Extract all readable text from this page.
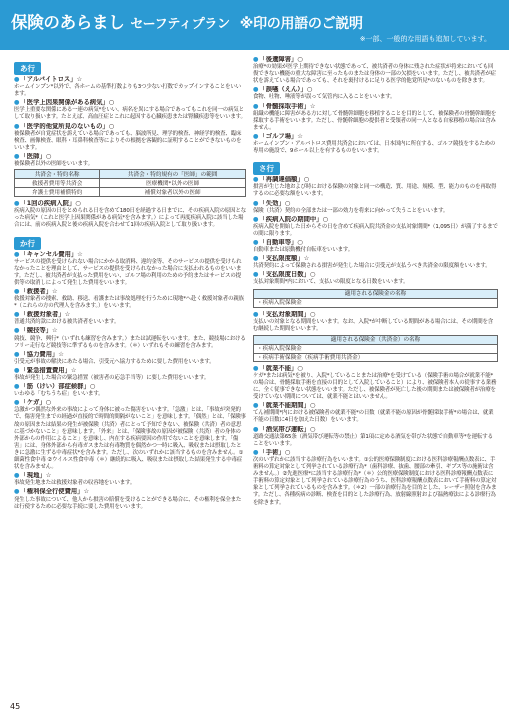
保険のあらまし セーフティプラン ※印の用語のご説明
※一部、一般的な用語も追加しています。
あ行
●「アルバイトロス」☆
ホームインプン*以外で、各ホームの基準打数よりも3つ少ない打数でカップインすることをいいます。
●「医学上因果関係がある病気」○
医学上重要な関係にある一連の病気*をいい、病名を異にする場合であってもこれを同一の病気として取り扱います。たとえば、高血圧症とこれに起因する心臓疾患または腎臓疾患等をいいます。
●「医学的他覚所見のないもの」○
被保険者が自覚症状を訴えている場合であっても、脳波所見、理学的検査、神経学的検査、臨床検査、画像検査、眼科・耳鼻科検査等によりその根拠を客観的に証明することができないものをいいます。
●「医師」○
被保険者以外の医師をいいます。
共済会・特約名称	共済会・特約規有の「医師」の範囲
救援者費用等共済会	医療機関*以外の医師
弁護士費用補償特約	補償対象者以外の医師
●「1回の疾病入院」○
疾病入院の原因の日をとめられる日を含めて180日を経過する日までに、その疾病入院の原因となった病気*（これと医学上因果関係がある病気*を含みます。）によって再度疾病入院に該当した場合には、前の疾病入院と後の疾病入院を合わせて1回の疾病入院として取り扱います。
か行
●「キャンセル費用」☆
サービスの提供を受けられない場合にかかる取消料、違約金等、そのサービスの提供を受けられなかったことを理由として、サービスの提供を受けられなかった場合に支払われるものをいいます。ただし、被共済者が支払った費用をいい、ゴルフ場の利用のための予約またはサービスの提供等の取消しによって発生した費用をいいます。
●「救援者」☆
救援対象者の捜索、救助、移送、看護または事故処理を行うために現地*へ赴く救援対象者の親族*（これらの方の代理人を含みます。）をいいます。
●「救援対象者」☆
普通共済約款における被共済者をいいます。
●「競技等」☆
競技、競争、興行*（いずれも練習を含みます。）または試運転をいいます。また、競技場におけるフリー走行など競技等に準ずるものを含みます。（＊）いずれもその練習を含みます。
●「協力費用」☆
引受元が事故の解決にあたる場合、引受元へ協力するために要した費用をいいます。
●「緊急措置費用」☆
事故が発生した場合の緊急措置（被害者の応急手当等）に要した費用をいいます。
●「筋（けい）部症候群」○
いわゆる「むちうち症」をいいます。
●「ケガ」○
急激かつ偶然な外来の事故によって身体に被った傷害をいいます。「急激」とは、「事故が突発的で、傷害発生までの経過が直接的で時間的間隔がないこと」を意味します。「偶然」とは、「保険事故の原因または結果の発生が被保険（共済）者にとって予知できない、被保険（共済）者の意思に基づかないこと」を意味します。「外来」とは、「保険事故の原因が被保険（共済）者の身体の外部からの作用によること」を意味し、内在する疾病要因の作用でないことを意味します。「傷害」には、身体外部から有毒ガスまたは有毒物質を偶然かつ一時に吸入、吸収または摂取したときに急激に生ずる中毒症状*を含みます。ただし、次のいずれかに該当するものを含みません。①細菌性食中毒 ②ウイルス性食中毒（＊）継続的に吸入、吸収または摂取した結果発生する中毒症状を含みません。
●「現地」☆
事故発生地または救援対象者の収容地をいいます。
●「権利保全行使費用」☆
発生した事故について、他人から損害の賠償を受けることができる場合に、その権利を保全または行使するために必要な手続に要した費用をいいます。
●「後遺障害」○
治療*の効果が医学上期待できない状態であって、被共済者の身体に残された症状が将来においても回復できない機能の重大な障害に至ったものまたは身体の一部の欠損をいいます。ただし、被共済者が症状を訴えている場合であっても、それを裏付けるに足りる医学的他覚所見*のないものを除きます。
●「誤嚥（えん）」○
食物、吐物、唾液等が誤って気管内に入ることをいいます。
●「骨髄採取手術」☆
組織の機能に障害がある方に対して骨髄幹細胞を移植することを目的として、被保険者の骨髄幹細胞を採取する手術をいいます。ただし、骨髄幹細胞の提供者と受領者の同一人となる自家移植の場合は含みません。
●「ゴルフ場」☆
ホームインプン・アルバトロス費用共済会においては、日本国内に所在する、ゴルフ競技をするための専用の施設で、9ホール以上を有するものをいいます。
さ行
●「再調達価額」○
損害が生じた地および時における保険の対象と同一の構造、質、用途、規模、型、能力のものを再取得するのに必要な額をいいます。
●「失効」○
保険（共済）契約の全部または一部の効力を将来に向かって失うことをいいます。
●「疾病入院の期間中」○
疾病入院を開始した日からその日を含めて疾病入院共済金の支払対象期間*（1,095日）が満了するまでの間に限ります。
●「自動車等」○
自動車または原動機付自転車をいいます。
●「支払限度額」☆
共済契約によって保険される損害が発生した場合に引受元が支払うべき共済金の限度額をいいます。
●「支払限度日数」○
支払対象期間*内において、支払いの限度となる日数をいいます。
適用される保険金の名称
・疾病入院保険金
●「支払対象期間」○
支払いの対象となる期間をいいます。なお、入院*が中断している期間がある場合には、その期間を含む継続した期間をいいます。
適用される保険金（共済金）の名称
・疾病入院保険金
・疾病手術保険金（疾病手術費用共済金）
●「就業不能」○
ケガ*または病気*を被り、入院*していることまたは治療*を受けている（保険手術の場合が就業不能*の場合は、骨髄採取手術を直接の目的として入院していること）により、被保険者本人の従事する業務に、全く従事できない状態をいいます。ただし、被保険者が死亡した後の期間または被保険者が治療を受けていない期間については、就業不能とはいいません。
●「就業不能期間」○
てん補期間*内における被保険者の就業不能*の日数（就業不能の原因が骨髄採取手術*の場合は、就業不能の日数に4日を加えた日数）をいいます。
●「酒気帯び運転」○
道路交通法第65条（酒気帯び運転等の禁止）第1項に定める酒気を帯びた状態で自動車等*を運転することをいいます。
●「手術」○
次のいずれかに該当する診療行為をいいます。①公的医療保険制度における医科診療報酬点数表に、手術料の算定対象として列挙されている診療行為*（歯科診療、抜歯、腰部の牽引、ギプス等の施術は含みません。）②先進医療*に該当する診療行為*（＊）公的医療保険制度における医科診療報酬点数表に手術料の算定対象として列挙されている診療行為のうち、医科診療報酬点数表において手術料の算定対象として列挙されているものを含みます。（＊2）一部の治療行為を目的とした、レーザー照射を含みます。ただし、各種疾病の診断、検査を目的とした診療行為、放射線照射および温熱療法による診療行為を除きます。
45
